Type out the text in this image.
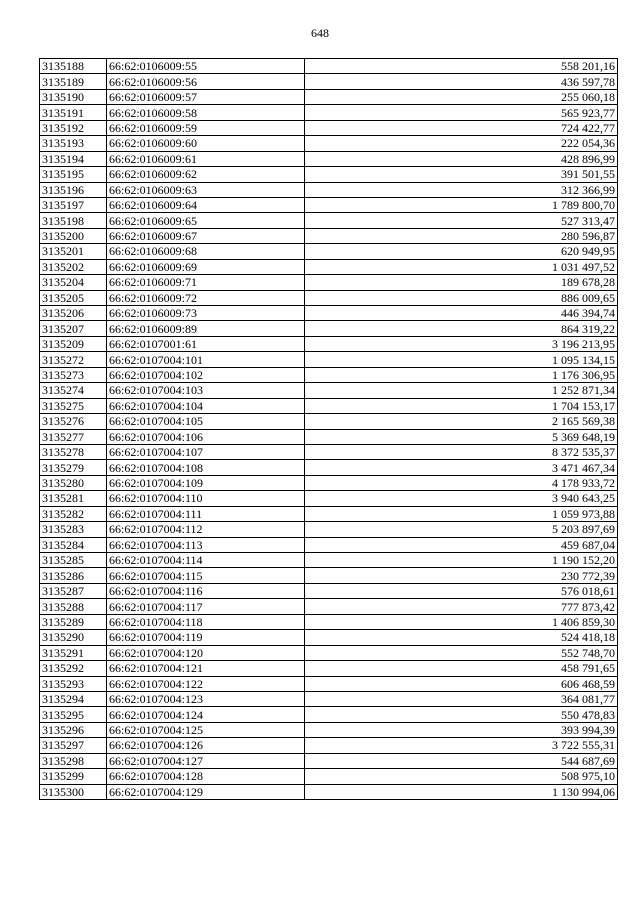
648
3135188	66:62:0106009:55	558 201,16
3135189	66:62:0106009:56	436 597,78
3135190	66:62:0106009:57	255 060,18
3135191	66:62:0106009:58	565 923,77
3135192	66:62:0106009:59	724 422,77
3135193	66:62:0106009:60	222 054,36
3135194	66:62:0106009:61	428 896,99
3135195	66:62:0106009:62	391 501,55
3135196	66:62:0106009:63	312 366,99
3135197	66:62:0106009:64	1 789 800,70
3135198	66:62:0106009:65	527 313,47
3135200	66:62:0106009:67	280 596,87
3135201	66:62:0106009:68	620 949,95
3135202	66:62:0106009:69	1 031 497,52
3135204	66:62:0106009:71	189 678,28
3135205	66:62:0106009:72	886 009,65
3135206	66:62:0106009:73	446 394,74
3135207	66:62:0106009:89	864 319,22
3135209	66:62:0107001:61	3 196 213,95
3135272	66:62:0107004:101	1 095 134,15
3135273	66:62:0107004:102	1 176 306,95
3135274	66:62:0107004:103	1 252 871,34
3135275	66:62:0107004:104	1 704 153,17
3135276	66:62:0107004:105	2 165 569,38
3135277	66:62:0107004:106	5 369 648,19
3135278	66:62:0107004:107	8 372 535,37
3135279	66:62:0107004:108	3 471 467,34
3135280	66:62:0107004:109	4 178 933,72
3135281	66:62:0107004:110	3 940 643,25
3135282	66:62:0107004:111	1 059 973,88
3135283	66:62:0107004:112	5 203 897,69
3135284	66:62:0107004:113	459 687,04
3135285	66:62:0107004:114	1 190 152,20
3135286	66:62:0107004:115	230 772,39
3135287	66:62:0107004:116	576 018,61
3135288	66:62:0107004:117	777 873,42
3135289	66:62:0107004:118	1 406 859,30
3135290	66:62:0107004:119	524 418,18
3135291	66:62:0107004:120	552 748,70
3135292	66:62:0107004:121	458 791,65
3135293	66:62:0107004:122	606 468,59
3135294	66:62:0107004:123	364 081,77
3135295	66:62:0107004:124	550 478,83
3135296	66:62:0107004:125	393 994,39
3135297	66:62:0107004:126	3 722 555,31
3135298	66:62:0107004:127	544 687,69
3135299	66:62:0107004:128	508 975,10
3135300	66:62:0107004:129	1 130 994,06
